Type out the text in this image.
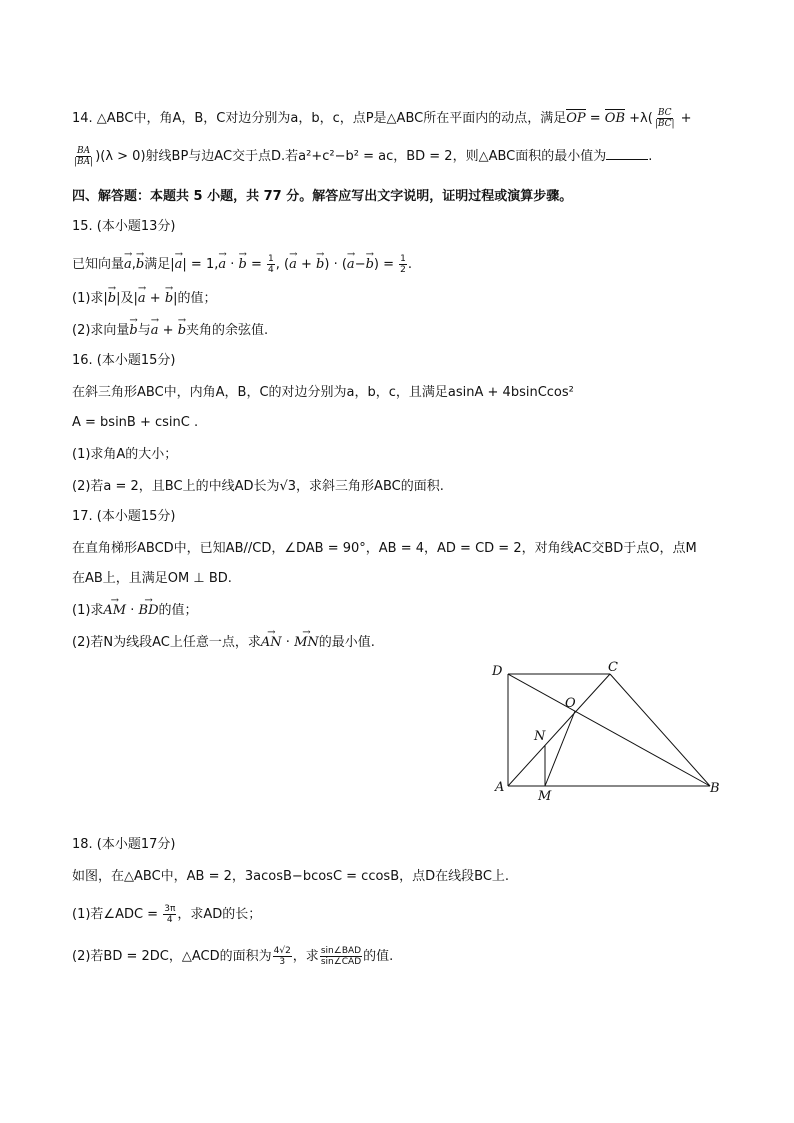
14. △ABC中，角A，B，C对边分别为a，b，c，点P是△ABC所在平面内的动点，满足OP = OB $+\lambda( \frac{BC}{|BC|}$ +
$\frac{BA}{|BA|} )(\lambda > 0)$射线BP与边AC交于点D.若a²+c²−b² = ac，BD = 2，则△ABC面积的最小值为	.
四、解答题：本题共 5 小题，共 77 分。解答应写出文字说明，证明过程或演算步骤。
15. (本小题13分)
已知向量→ a,→ b满足|→ a| = 1,→ a · → $b = \frac{1}{4}$ , (→ a + → b) · (→ $a-\to b) = \frac{1}{2}$ .
(1)求|→ b|及|→ a + → b|的值；
(2)求向量→ b与→ a + → b夹角的余弦值.
16. (本小题15分)
在斜三角形ABC中，内角A，B，C的对边分别为a，b，c，且满足asinA + 4bsinCcos²
A = bsinB + csinC .
(1)求角A的大小；
(2)若a = 2，且BC上的中线AD长为√3，求斜三角形ABC的面积.
17. (本小题15分)
在直角梯形ABCD中，已知AB//CD，∠DAB = 90°，AB = 4，AD = CD = 2，对角线AC交BD于点O，点M
在AB上，且满足OM ⊥ BD.
(1)求→ AM · → BD的值；
(2)若N为线段AC上任意一点，求→ AN · → MN的最小值.
D	C
O
N
A
M
B
18. (本小题17分)
如图，在△ABC中，AB = 2，3acosB−bcosC = ccosB，点D在线段BC上.
(1)若∠ADC = $\frac{3\pi}{4}$ ，求AD的长；
(2)若BD = 2DC，△ACD的面积为 $\frac{4√2}{3}$ ，求 $\frac{\text{sin∠BAD}}{\text{sin∠CAD}}$ 的值.
